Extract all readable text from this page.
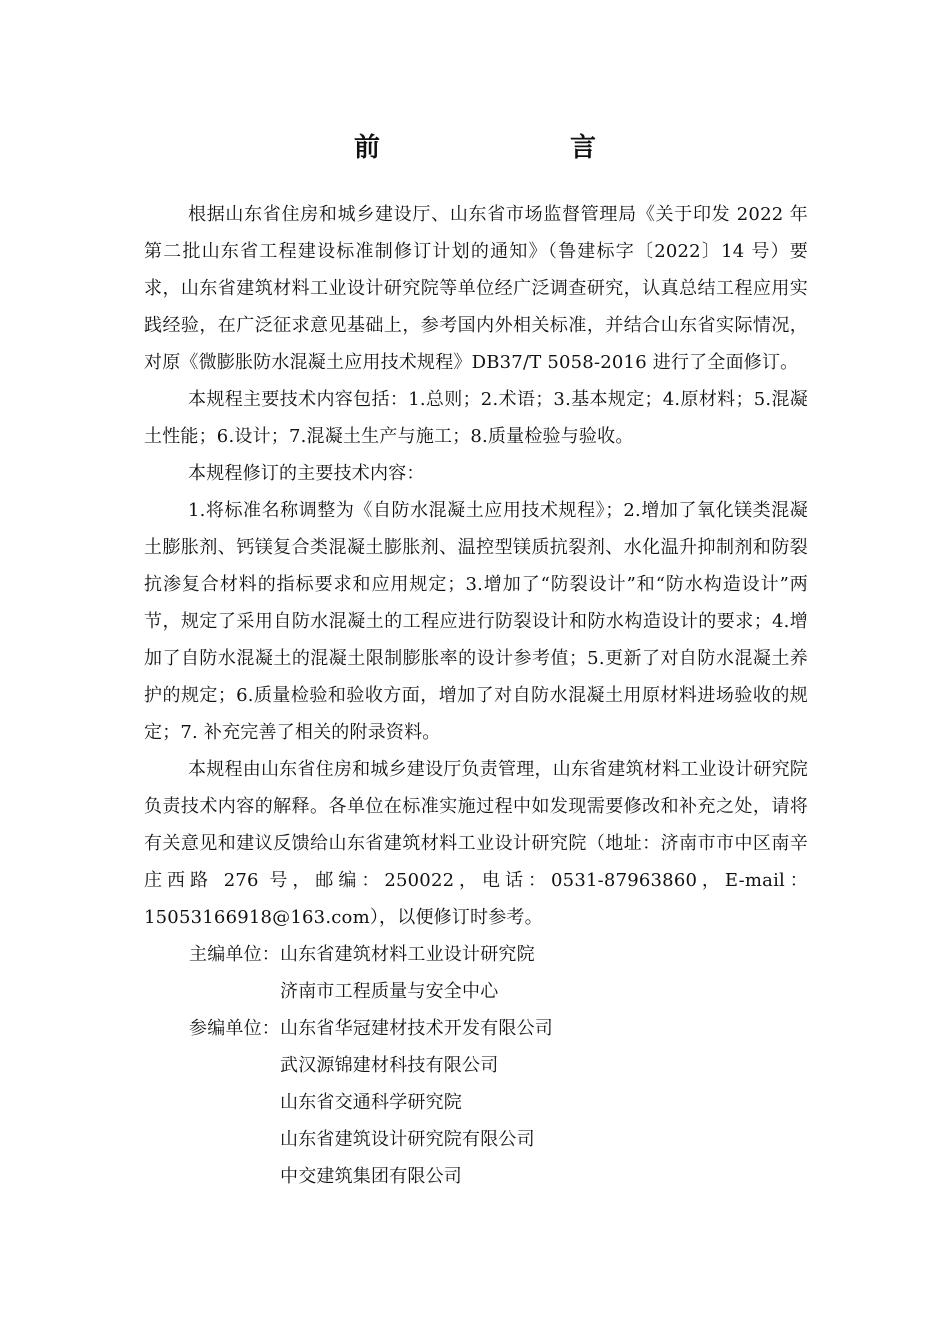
前　言

根据山东省住房和城乡建设厅、山东省市场监督管理局《关于印发 2022 年第二批山东省工程建设标准制修订计划的通知》（鲁建标字〔2022〕14 号）要求，山东省建筑材料工业设计研究院等单位经广泛调查研究，认真总结工程应用实践经验，在广泛征求意见基础上，参考国内外相关标准，并结合山东省实际情况，对原《微膨胀防水混凝土应用技术规程》DB37/T 5058-2016 进行了全面修订。

本规程主要技术内容包括：1.总则；2.术语；3.基本规定；4.原材料；5.混凝土性能；6.设计；7.混凝土生产与施工；8.质量检验与验收。

本规程修订的主要技术内容：

1.将标准名称调整为《自防水混凝土应用技术规程》；2.增加了氧化镁类混凝土膨胀剂、钙镁复合类混凝土膨胀剂、温控型镁质抗裂剂、水化温升抑制剂和防裂抗渗复合材料的指标要求和应用规定；3.增加了“防裂设计”和“防水构造设计”两节，规定了采用自防水混凝土的工程应进行防裂设计和防水构造设计的要求；4.增加了自防水混凝土的混凝土限制膨胀率的设计参考值；5.更新了对自防水混凝土养护的规定；6.质量检验和验收方面，增加了对自防水混凝土用原材料进场验收的规定；7. 补充完善了相关的附录资料。

本规程由山东省住房和城乡建设厅负责管理，山东省建筑材料工业设计研究院负责技术内容的解释。各单位在标准实施过程中如发现需要修改和补充之处，请将有关意见和建议反馈给山东省建筑材料工业设计研究院（地址：济南市市中区南辛庄西路 276 号，邮编：250022，电话：0531-87963860，E-mail：15053166918@163.com），以便修订时参考。

主编单位： 山东省建筑材料工业设计研究院
济南市工程质量与安全中心
参编单位： 山东省华冠建材技术开发有限公司
武汉源锦建材科技有限公司
山东省交通科学研究院
山东省建筑设计研究院有限公司
中交建筑集团有限公司
